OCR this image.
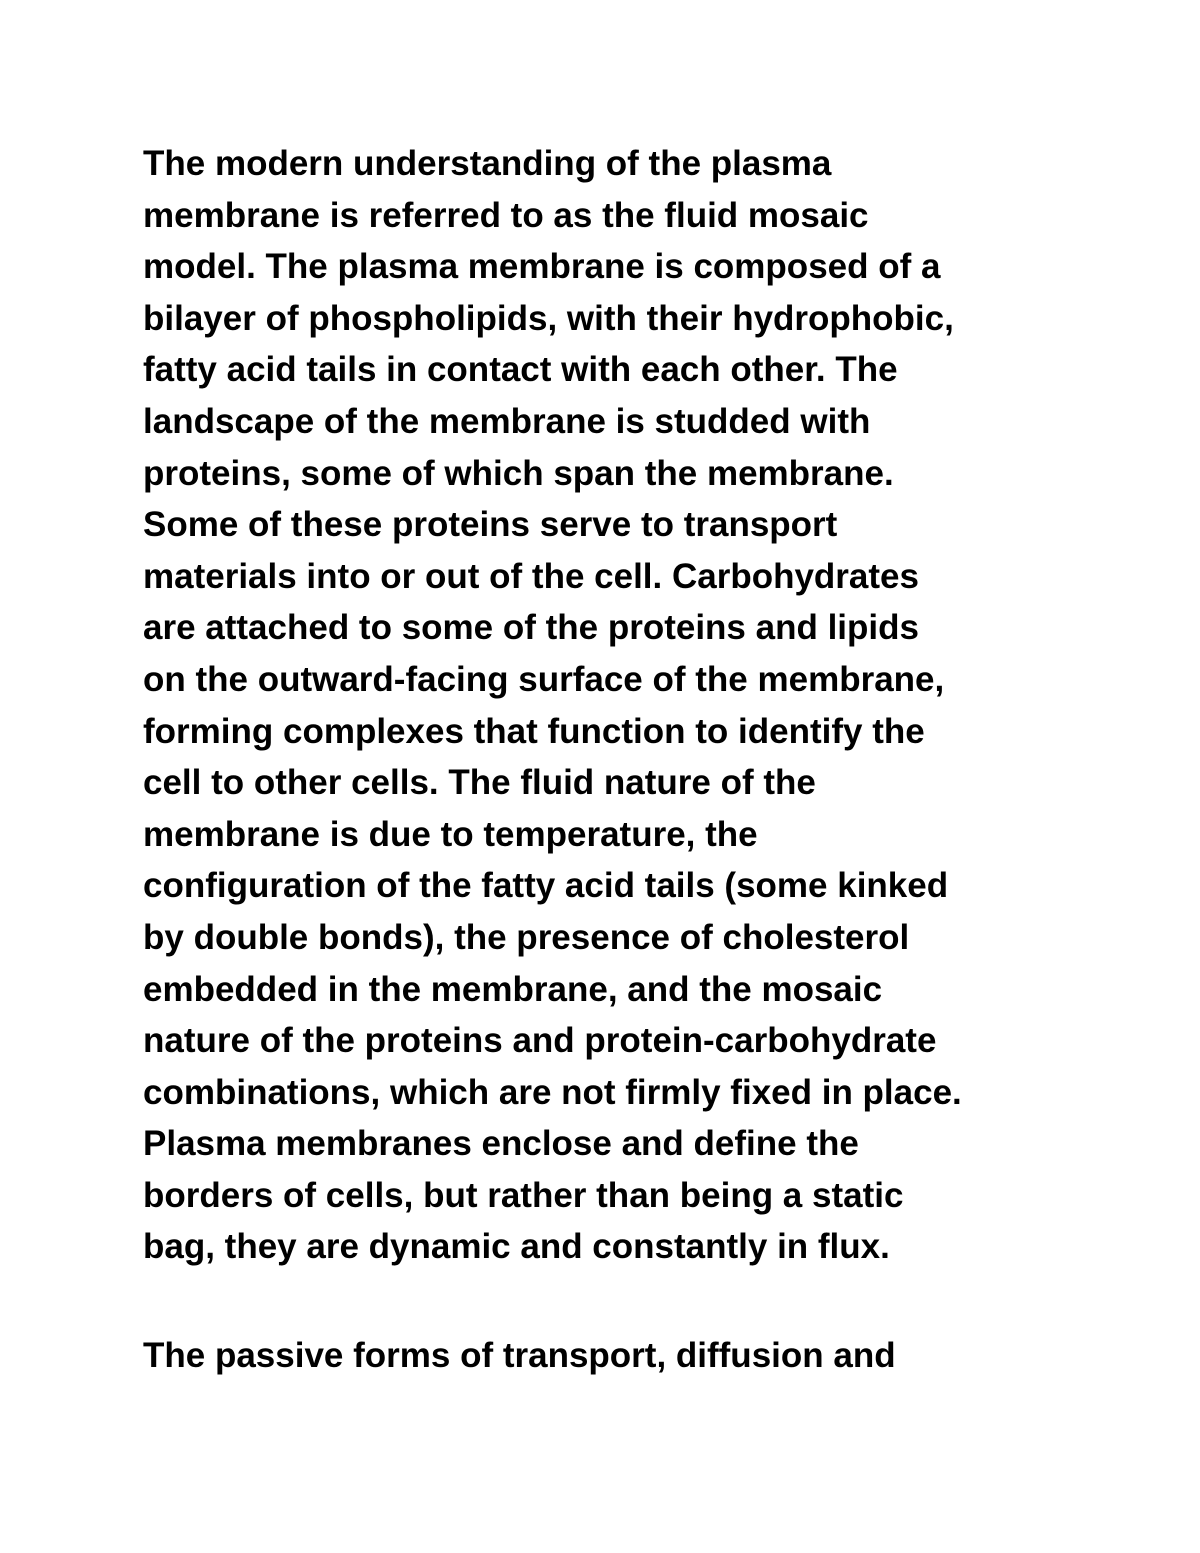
The modern understanding of the plasma
membrane is referred to as the fluid mosaic
model. The plasma membrane is composed of a
bilayer of phospholipids, with their hydrophobic,
fatty acid tails in contact with each other. The
landscape of the membrane is studded with
proteins, some of which span the membrane.
Some of these proteins serve to transport
materials into or out of the cell. Carbohydrates
are attached to some of the proteins and lipids
on the outward-facing surface of the membrane,
forming complexes that function to identify the
cell to other cells. The fluid nature of the
membrane is due to temperature, the
configuration of the fatty acid tails (some kinked
by double bonds), the presence of cholesterol
embedded in the membrane, and the mosaic
nature of the proteins and protein-carbohydrate
combinations, which are not firmly fixed in place.
Plasma membranes enclose and define the
borders of cells, but rather than being a static
bag, they are dynamic and constantly in flux.
The passive forms of transport, diffusion and
